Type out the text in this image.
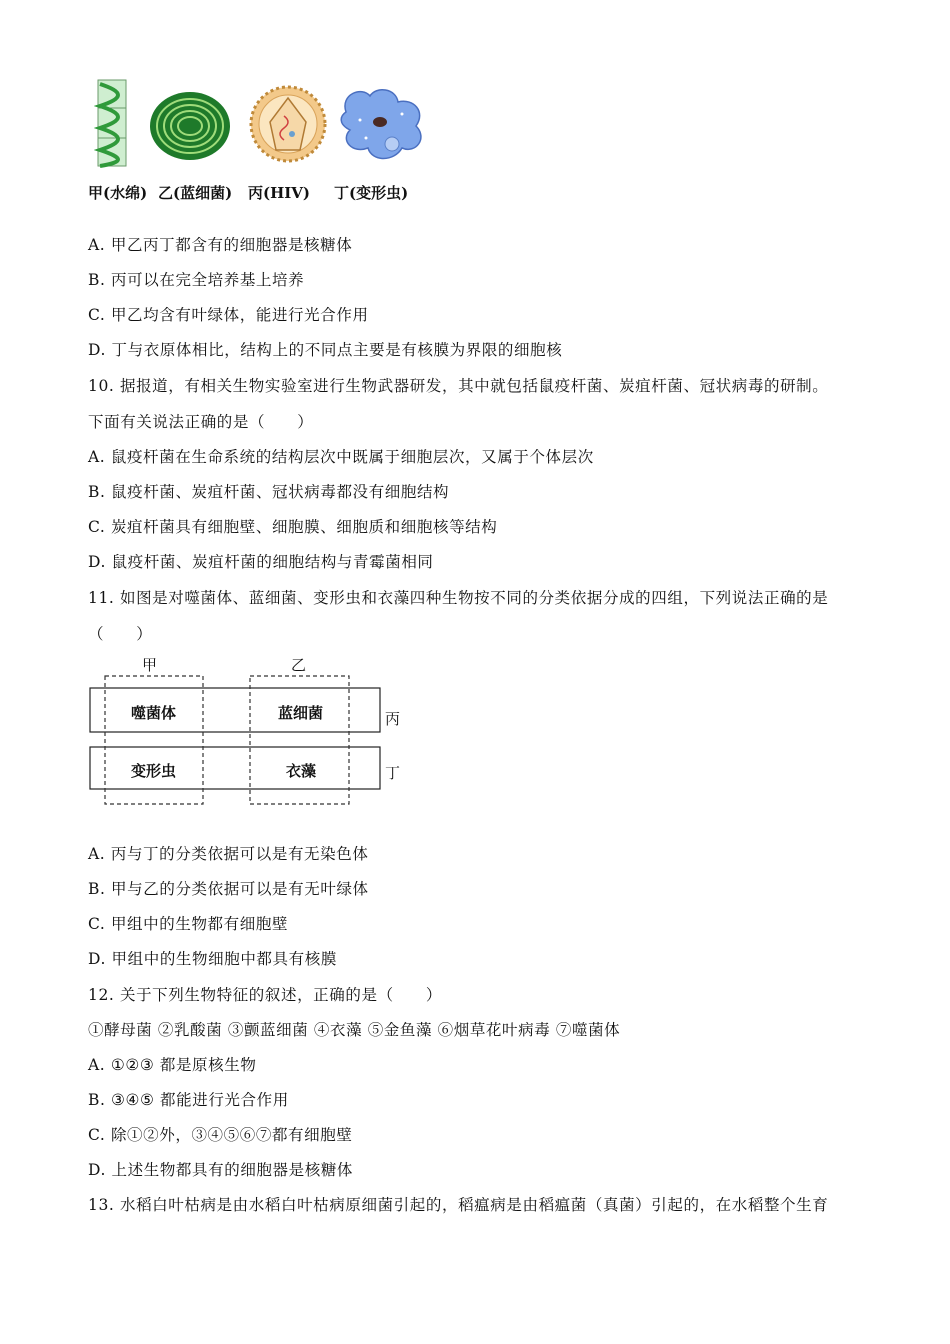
甲(水绵) 乙(蓝细菌) 丙(HIV) 丁(变形虫)
A. 甲乙丙丁都含有的细胞器是核糖体
B. 丙可以在完全培养基上培养
C. 甲乙均含有叶绿体，能进行光合作用
D. 丁与衣原体相比，结构上的不同点主要是有核膜为界限的细胞核
10. 据报道，有相关生物实验室进行生物武器研发，其中就包括鼠疫杆菌、炭疽杆菌、冠状病毒的研制。
下面有关说法正确的是（　　）
A. 鼠疫杆菌在生命系统的结构层次中既属于细胞层次，又属于个体层次
B. 鼠疫杆菌、炭疽杆菌、冠状病毒都没有细胞结构
C. 炭疽杆菌具有细胞壁、细胞膜、细胞质和细胞核等结构
D. 鼠疫杆菌、炭疽杆菌的细胞结构与青霉菌相同
11. 如图是对噬菌体、蓝细菌、变形虫和衣藻四种生物按不同的分类依据分成的四组，下列说法正确的是
（　　）
甲	乙
丙
丁
噬菌体	蓝细菌
变形虫	衣藻
A. 丙与丁的分类依据可以是有无染色体
B. 甲与乙的分类依据可以是有无叶绿体
C. 甲组中的生物都有细胞壁
D. 甲组中的生物细胞中都具有核膜
12. 关于下列生物特征的叙述，正确的是（　　）
①酵母菌 ②乳酸菌 ③颤蓝细菌 ④衣藻 ⑤金鱼藻 ⑥烟草花叶病毒 ⑦噬菌体
A. ①②③ 都是原核生物
B. ③④⑤ 都能进行光合作用
C. 除①②外，③④⑤⑥⑦都有细胞壁
D. 上述生物都具有的细胞器是核糖体
13. 水稻白叶枯病是由水稻白叶枯病原细菌引起的，稻瘟病是由稻瘟菌（真菌）引起的，在水稻整个生育
